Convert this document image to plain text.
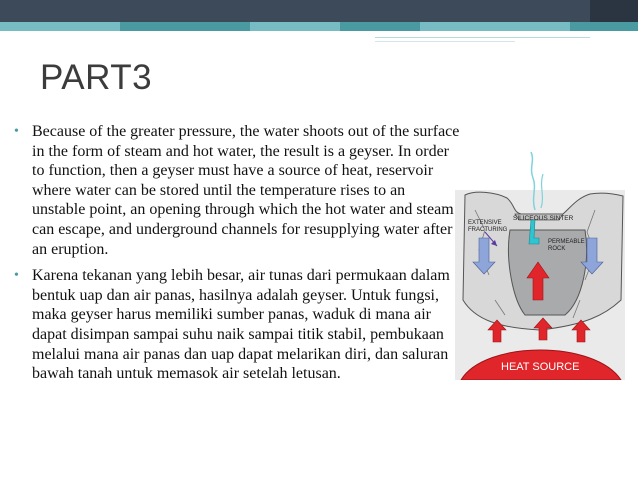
PART3

• Because of the greater pressure, the water shoots out of the surface in the form of steam and hot water, the result is a geyser. In order to function, then a geyser must have a source of heat, reservoir where water can be stored until the temperature rises to an unstable point, an opening through which the hot water and steam can escape, and underground channels for resupplying water after an eruption.

• Karena tekanan yang lebih besar, air tunas dari permukaan dalam bentuk uap dan air panas, hasilnya adalah geyser. Untuk fungsi, maka geyser harus memiliki sumber panas, waduk di mana air dapat disimpan sampai suhu naik sampai titik stabil, pembukaan melalui mana air panas dan uap dapat melarikan diri, dan saluran bawah tanah untuk memasok air setelah letusan.

SILICEOUS SINTER
EXTENSIVE
FRACTURING
PERMEABLE
ROCK
HEAT SOURCE
